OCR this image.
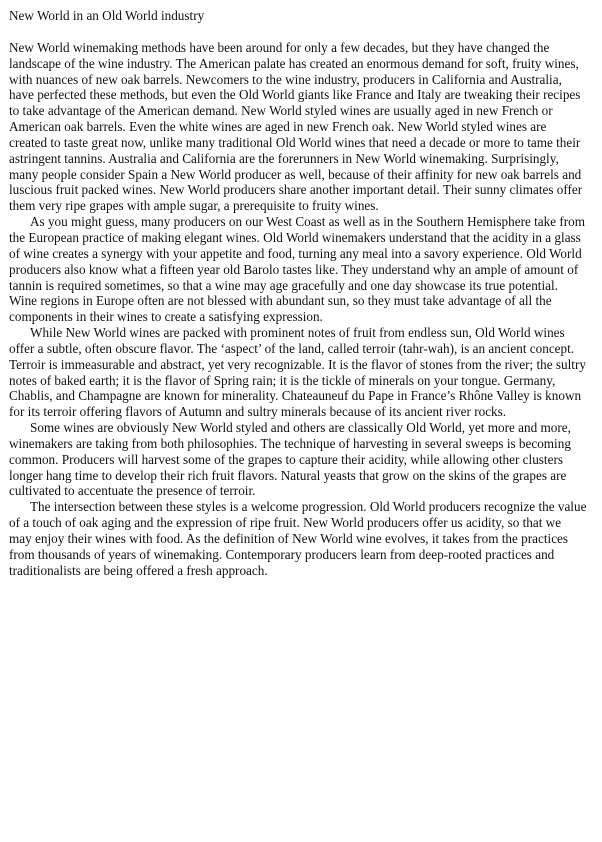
New World in an Old World industry

New World winemaking methods have been around for only a few decades, but they have changed the landscape of the wine industry. The American palate has created an enormous demand for soft, fruity wines, with nuances of new oak barrels. Newcomers to the wine industry, producers in California and Australia, have perfected these methods, but even the Old World giants like France and Italy are tweaking their recipes to take advantage of the American demand. New World styled wines are usually aged in new French or American oak barrels. Even the white wines are aged in new French oak. New World styled wines are created to taste great now, unlike many traditional Old World wines that need a decade or more to tame their astringent tannins. Australia and California are the forerunners in New World winemaking. Surprisingly, many people consider Spain a New World producer as well, because of their affinity for new oak barrels and luscious fruit packed wines. New World producers share another important detail. Their sunny climates offer them very ripe grapes with ample sugar, a prerequisite to fruity wines.

As you might guess, many producers on our West Coast as well as in the Southern Hemisphere take from the European practice of making elegant wines. Old World winemakers understand that the acidity in a glass of wine creates a synergy with your appetite and food, turning any meal into a savory experience. Old World producers also know what a fifteen year old Barolo tastes like. They understand why an ample of amount of tannin is required sometimes, so that a wine may age gracefully and one day showcase its true potential. Wine regions in Europe often are not blessed with abundant sun, so they must take advantage of all the components in their wines to create a satisfying expression.

While New World wines are packed with prominent notes of fruit from endless sun, Old World wines offer a subtle, often obscure flavor. The ‘aspect’ of the land, called terroir (tahr-wah), is an ancient concept. Terroir is immeasurable and abstract, yet very recognizable. It is the flavor of stones from the river; the sultry notes of baked earth; it is the flavor of Spring rain; it is the tickle of minerals on your tongue. Germany, Chablis, and Champagne are known for minerality. Chateauneuf du Pape in France’s Rhône Valley is known for its terroir offering flavors of Autumn and sultry minerals because of its ancient river rocks.

Some wines are obviously New World styled and others are classically Old World, yet more and more, winemakers are taking from both philosophies. The technique of harvesting in several sweeps is becoming common. Producers will harvest some of the grapes to capture their acidity, while allowing other clusters longer hang time to develop their rich fruit flavors. Natural yeasts that grow on the skins of the grapes are cultivated to accentuate the presence of terroir.

The intersection between these styles is a welcome progression. Old World producers recognize the value of a touch of oak aging and the expression of ripe fruit. New World producers offer us acidity, so that we may enjoy their wines with food. As the definition of New World wine evolves, it takes from the practices from thousands of years of winemaking. Contemporary producers learn from deep-rooted practices and traditionalists are being offered a fresh approach.
